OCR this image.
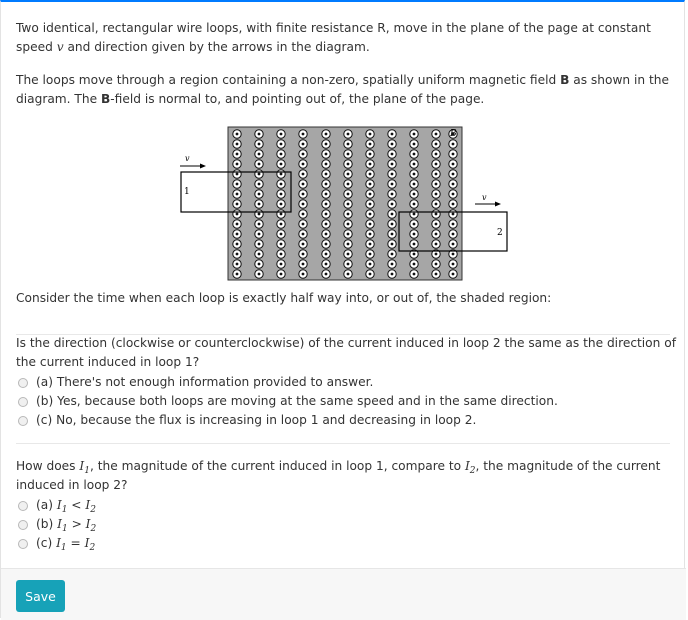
Two identical, rectangular wire loops, with finite resistance R, move in the plane of the page at constant speed v and direction given by the arrows in the diagram.

The loops move through a region containing a non-zero, spatially uniform magnetic field B as shown in the diagram. The B-field is normal to, and pointing out of, the plane of the page.

B
1
v
2
v

Consider the time when each loop is exactly half way into, or out of, the shaded region:

Is the direction (clockwise or counterclockwise) of the current induced in loop 2 the same as the direction of the current induced in loop 1?

(a) There's not enough information provided to answer.
(b) Yes, because both loops are moving at the same speed and in the same direction.
(c) No, because the flux is increasing in loop 1 and decreasing in loop 2.

How does $I_1$, the magnitude of the current induced in loop 1, compare to $I_2$, the magnitude of the current induced in loop 2?

(a)
$I_1 < I_2$
(b)
$I_1 > I_2$
(c)
$I_1 = I_2$
Save
